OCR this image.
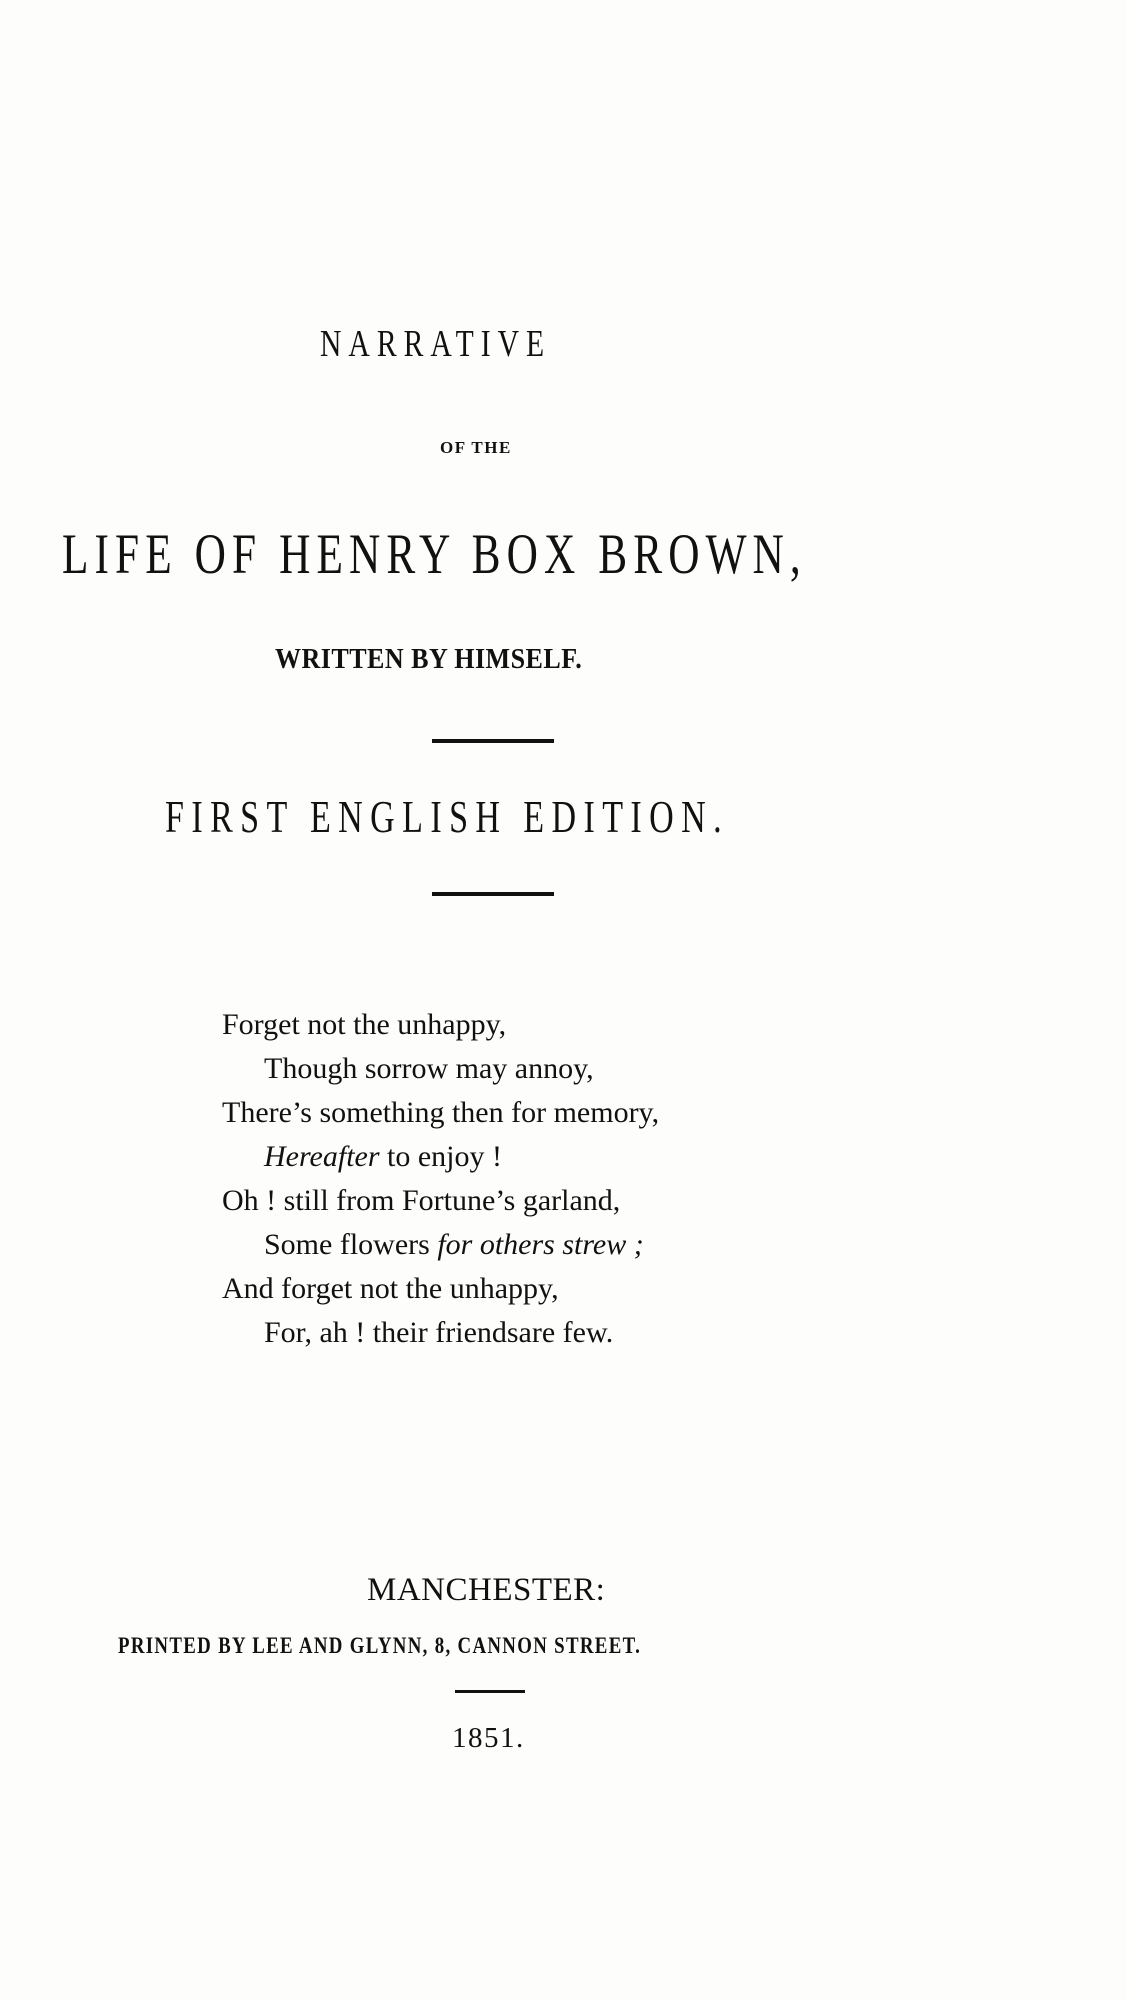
NARRATIVE
OF THE
LIFE OF HENRY BOX BROWN,
WRITTEN BY HIMSELF.
FIRST ENGLISH EDITION.
Forget not the unhappy,
Though sorrow may annoy,
There’s something then for memory,
Hereafter to enjoy !
Oh ! still from Fortune’s garland,
Some flowers for others strew ;
And forget not the unhappy,
For, ah ! their friendsare few.
MANCHESTER:
PRINTED BY LEE AND GLYNN, 8, CANNON STREET.
1851.
